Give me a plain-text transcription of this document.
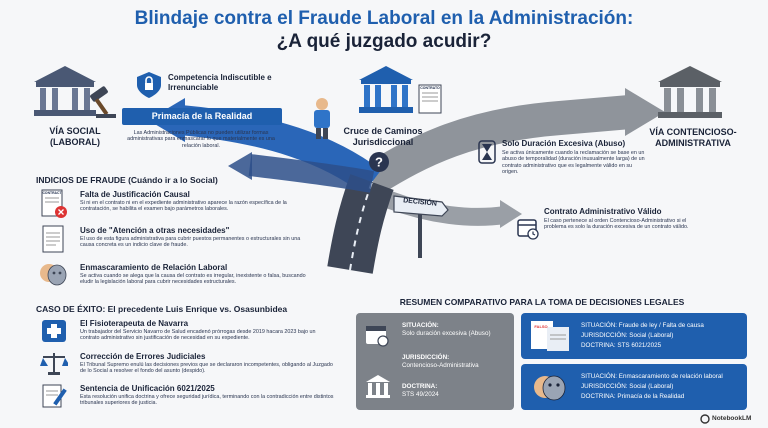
Blindaje contra el Fraude Laboral en la Administración:
¿A qué juzgado acudir?
VÍA SOCIAL (LABORAL)
Competencia Indiscutible e Irrenunciable
Primacía de la Realidad
Las Administraciones Públicas no pueden utilizar formas administrativas para enmascarar lo que materialmente es una relación laboral.
CONTRATO
Cruce de Caminos Jurisdiccional
?
DECISIÓN
VÍA CONTENCIOSO-ADMINISTRATIVA
Solo Duración Excesiva (Abuso)
Se activa únicamente cuando la reclamación se base en un abuso de temporalidad (duración inusualmente larga) de un contrato administrativo que es legalmente válido en su origen.
Contrato Administrativo Válido
El caso pertenece al orden Contencioso-Administrativo si el problema es solo la duración excesiva de un contrato válido.
INDICIOS DE FRAUDE (Cuándo ir a lo Social)
CONTRACT Falta de Justificación Causal
Si ni en el contrato ni en el expediente administrativo aparece la razón específica de la contratación, se habilita el examen bajo parámetros laborales.
Uso de "Atención a otras necesidades"
El uso de esta figura administrativa para cubrir puestos permanentes o estructurales sin una causa concreta es un indicio clave de fraude.
Enmascaramiento de Relación Laboral
Se activa cuando se alega que la causa del contrato es irregular, inexistente o falsa, buscando eludir la legislación laboral para cubrir necesidades estructurales.
CASO DE ÉXITO: El precedente Luis Enrique vs. Osasunbidea
El Fisioterapeuta de Navarra
Un trabajador del Servicio Navarro de Salud encadenó prórrogas desde 2019 hacara 2023 bajo un contrato administrativo sin justificación de necesidad en su expediente.
Corrección de Errores Judiciales
El Tribunal Supremo enulú las decisiones previos que se declararon incompetentes, obligando al Juzgado de lo Social a resolver el fondo del asunto (despido).
Sentencia de Unificación 6021/2025
Esta resolución unifica doctrina y ofrece seguridad jurídica, terminando con la contradicción entre distintos tribunales superiores de justicia.
RESUMEN COMPARATIVO PARA LA TOMA DE DECISIONES LEGALES
SITUACIÓN:
Solo duración excesiva (Abuso)
JURISDICCIÓN:
Contencioso-Administrativa
DOCTRINA:
STS 49/2024
FALSO	SITUACIÓN: Fraude de ley / Falta de causa
JURISDICCIÓN: Social (Laboral)
DOCTRINA: STS 6021/2025
SITUACIÓN: Enmascaramiento de relación laboral
JURISDICCIÓN: Social (Laboral)
DOCTRINA: Primacía de la Realidad
NotebookLM
